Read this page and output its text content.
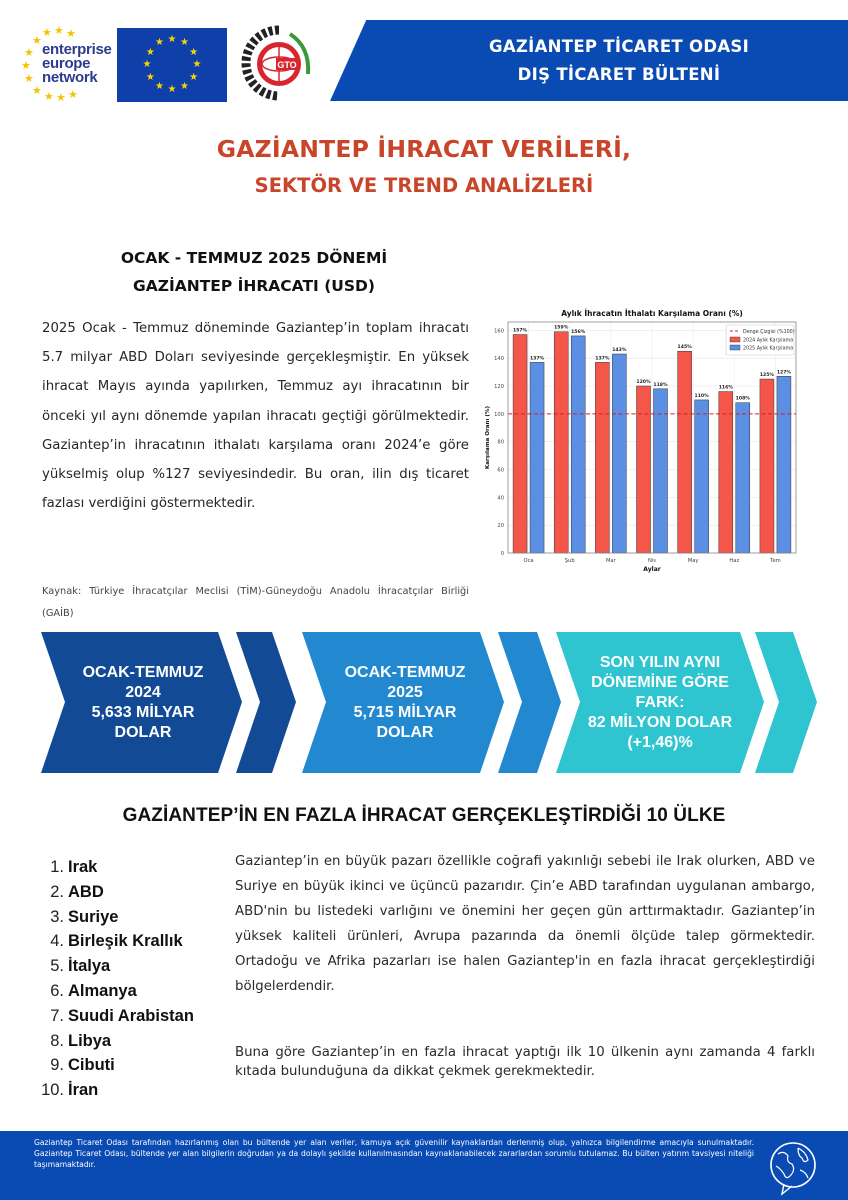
★ ★ ★
★
★
★
★
★ ★ ★ ★
enterprise
europe
network
★ ★
★
★
★
★
★
★
★
★
★
★
GTO
GAZİANTEP TİCARET ODASI
DIŞ TİCARET BÜLTENİ
GAZİANTEP İHRACAT VERİLERİ,
SEKTÖR VE TREND ANALİZLERİ
OCAK - TEMMUZ 2025 DÖNEMİ
GAZİANTEP İHRACATI (USD)

2025 Ocak - Temmuz döneminde Gaziantep’in toplam ihracatı 5.7 milyar ABD Doları seviyesinde gerçekleşmiştir. En yüksek ihracat Mayıs ayında yapılırken, Temmuz ayı ihracatının bir önceki yıl aynı dönemde yapılan ihracatı geçtiği görülmektedir. Gaziantep’in ihracatının ithalatı karşılama oranı 2024’e göre yükselmiş olup %127 seviyesindedir. Bu oran, ilin dış ticaret fazlası verdiğini göstermektedir.

Kaynak: Türkiye İhracatçılar Meclisi (TİM)-Güneydoğu Anadolu İhracatçılar Birliği (GAİB)

Aylık İhracatın İthalatı Karşılama Oranı (%)
0
20
40
60
80
100
120
140
160 157%
137%
Oca
159%
156%
Şub
137%
143%
Mar
120%
118%
Nis
145%
110%
May
116%
108%
Haz
125%
127%
Tem
Aylar
Karşılama Oranı (%)
Denge Çizgisi (%100)
2024 Aylık Karşılama
2025 Aylık Karşılama
OCAK-TEMMUZ
2024
5,633 MİLYAR
DOLAR
OCAK-TEMMUZ
2025
5,715 MİLYAR
DOLAR
SON YILIN AYNI
DÖNEMİNE GÖRE
FARK:
82 MİLYON DOLAR
(+1,46)%
GAZİANTEP’İN EN FAZLA İHRACAT GERÇEKLEŞTİRDİĞİ 10 ÜLKE
1. Irak
2. ABD
3. Suriye
4. Birleşik Krallık
5. İtalya
6. Almanya
7. Suudi Arabistan
8. Libya
9. Cibuti
10. İran

Gaziantep’in en büyük pazarı özellikle coğrafi yakınlığı sebebi ile Irak olurken, ABD ve Suriye en büyük ikinci ve üçüncü pazarıdır. Çin’e ABD tarafından uygulanan ambargo, ABD'nin bu listedeki varlığını ve önemini her geçen gün arttırmaktadır. Gaziantep’in yüksek kaliteli ürünleri, Avrupa pazarında da önemli ölçüde talep görmektedir. Ortadoğu ve Afrika pazarları ise halen Gaziantep'in en fazla ihracat gerçekleştirdiği bölgelerdendir.

Buna göre Gaziantep’in en fazla ihracat yaptığı ilk 10 ülkenin aynı zamanda 4 farklı kıtada bulunduğuna da dikkat çekmek gerekmektedir.

Gaziantep Ticaret Odası tarafından hazırlanmış olan bu bültende yer alan veriler, kamuya açık güvenilir kaynaklardan derlenmiş olup, yalnızca bilgilendirme amacıyla sunulmaktadır. Gaziantep Ticaret Odası, bültende yer alan bilgilerin doğrudan ya da dolaylı şekilde kullanılmasından kaynaklanabilecek zararlardan sorumlu tutulamaz. Bu bülten yatırım tavsiyesi niteliği taşımamaktadır.
